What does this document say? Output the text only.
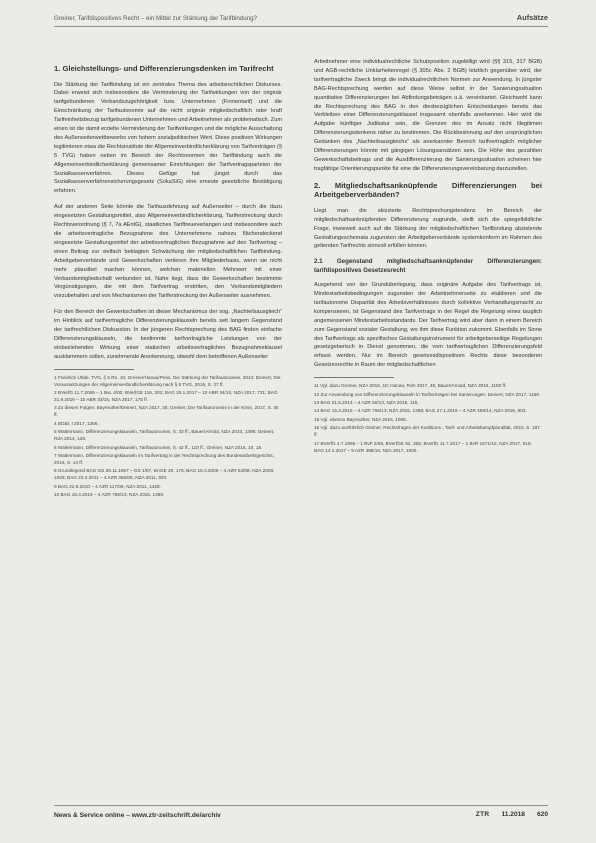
Greiner, Tarifdispositives Recht – ein Mittel zur Stärkung der Tarifbindung?	Aufsätze
1. Gleichstellungs- und Differenzierungsdenken im Tarifrecht

Die Stärkung der Tarifbindung ist ein zentrales Thema des arbeitsrechtlichen Diskurses. Dabei erweist sich insbesondere die Verminderung der Tarifwirkungen von der originär tarifgebundenen Verbandszugehörigkeit bzw. Unternehmen (Firmentarif) und die Einschränkung der Tarifautonomie auf die nicht originär mitgliedschaftlich oder kraft Tarifeinheitsbezug tarifgebundenen Unternehmen und Arbeitnehmer als problematisch. Zum einen ist die damit erzielte Verminderung der Tarifwirkungen und die mögliche Ausschaltung des Außenseiterwettbewerbs von hohem sozialpolitischen Wert. Diese positiven Wirkungen legitimieren etwa die Rechtsinstitute der Allgemeinverbindlicherklärung von Tarifverträgen (§ 5 TVG) haben neben im Bereich der Rechtsnormen der Tarifbindung auch die Allgemeinverbindlicherklärung gemeinsamer Einrichtungen der Tarifvertragsparteien der Sozialkassenverfahren. Dieses Gefüge hat jüngst durch das Sozialkassenverfahrensicherungsgesetz (SokaSiG) eine erneute gesetzliche Bestätigung erfahren.

Auf der anderen Seite könnte die Tarifausdehnung auf Außenseiter – durch die dazu eingesetzten Gestaltungsmittel, also Allgemeinverbindlicherklärung, Tariferstreckung durch Rechtsverordnung (§ 7, 7a AEntG), staatliches Tariftreueverlangen und insbesondere auch die arbeitsvertragliche Bezugnahme des Unternehmens nahezu flächendeckend eingesetzte Gestaltungsmittel der arbeitsvertraglichen Bezugnahme auf den Tarifvertrag – einen Beitrag zur vielfach beklagten Schwächung der mitgliedschaftlichen Tarifbindung. Arbeitgeberverbände und Gewerkschaften verlieren ihre Mitgliederbasis, wenn sie nicht mehr plausibel machen können, welchen materiellen Mehrwert mit einer Verbandsmitgliedschaft verbunden ist. Nahe liegt, dass die Gewerkschaften bestimmte Vergünstigungen, die mit dem Tarifvertrag erstritten, den Verbandsmitgliedern vorzubehalten und von Mechanismen der Tariferstreckung der Außenseiter ausnehmen.

Für den Bereich der Gewerkschaften ist dieser Mechanismus der sog. „Nachteilsausgleich“ im Hinblick auf tarifvertragliche Differenzierungsklauseln bereits seit langem Gegenstand der tarifrechtlichen Diskussion. In der jüngeren Rechtsprechung des BAG finden einfache Differenzierungsklauseln, die bestimmte tarifvertragliche Leistungen von der einbeziehenden Wirkung einer statischen arbeitsvertraglichen Bezugnahmeklausel ausklammern sollen, zunehmende Anerkennung, obwohl dem betroffenen Außenseiter

1 Friedrich Uhde, TVG, § 5 Rn. 10; Greiner/Hanau/Preis, Die Stärkung der Tarifautonomie, 2014; Deinert, Die Voraussetzungen der Allgemeinverbindlicherklärung nach § 5 TVG, 2016, S. 37 ff.
2 BVerfG 11.7.2006 – 1 BvL 4/00, BVerfGE 116, 202; BAG 25.1.2017 – 10 ABR 34/15, NZA 2017, 731; BAG 21.9.2016 – 10 ABR 33/15, NZA 2017, 175 ff.
3 Zu diesen Folgen: Bayreuther/Deinert, NZA 2017, 35; Greiner, Die Tarifautonomie in der Krise, 2017, S. 45 ff.
4 BGBl. I 2017, 1266.
5 Waltermann, Differenzierungsklauseln, Tarifautonomie, S. 33 ff.; Bauer/Arnold, NZA 2010, 1395; Deinert, RdA 2014, 129.
6 Waltermann, Differenzierungsklauseln, Tarifautonomie, S. 42 ff., 110 ff.; Greiner, NZA 2016, 10, 15.
7 Waltermann, Differenzierungsklauseln im Tarifvertrag in der Rechtsprechung des Bundesarbeitsgerichts, 2016, S. 14 ff.
8 Grundlegend BAG GS 29.11.1967 – GS 1/67, BAGE 20, 175; BAG 18.3.2009 – 4 AZR 64/08, NZA 2009, 1028; BAG 23.3.2011 – 4 AZR 366/09, NZA 2011, 920.
9 BAG 22.9.2010 – 4 AZR 117/09, NZA 2011, 1428.
10 BAG 15.4.2015 – 4 AZR 796/13, NZA 2015, 1388.

Arbeitnehmer eine individualrechtliche Schutzposition zugebilligt wird (§§ 315, 317 BGB) und AGB-rechtliche Unklarheitenregel (§ 305c Abs. 2 BGB) letztlich gegenüber wird, der tarifvertragliche Zweck bringt die individualrechtlichen Normen zur Anwendung. In jüngster BAG-Rechtsprechung werden auf diese Weise selbst in der Sanierungssituation quantitative Differenzierungen bei Abfindungsbeträgen u.ä. vereinbartet. Gleichwohl kann die Rechtsprechung des BAG in den diesbezüglichen Entscheidungen bereits das Verbleiben einer Differenzierungsklausel insgesamt ebenfalls anerkennen. Hier wird die Aufgabe künftiger Judikatur sein, die Grenzen des im Ansatz nicht illegitimen Differenzierungsdenkens näher zu bestimmen. Die Rückbesinnung auf den ursprünglichen Gedanken des „Nachteilsausgleichs“ als anerkannter Bereich tarifvertraglich möglicher Differenzierungen könnte mit gängigen Lösungsansätzen sein. Die Höhe des gezahlten Gewerkschaftsbeitrags und die Ausdifferenzierung der Sanierungssituation scheinen hier tragfähige Orientierungspunkte für eine die Differenzierungsvereinbarung darzustellen.

2. Mitgliedschaftsanknüpfende Differenzierungen bei Arbeitgeberverbänden?

Liegt man die skizzierte Rechtsprechungstendenz im Bereich der mitgliedschaftsanknüpfenden Differenzierung zugrunde, stellt sich die spiegelbildliche Frage, inwieweit auch auf die Stärkung der mitgliedschaftlichen Tarifbindung abzielende Gestaltungsschemata zugunsten der Arbeitgeberverbände systemkonform im Rahmen des geltenden Tarifrechts sinnvoll erfüllen können.

2.1 Gegenstand mitgliedschaftsanknüpfender Differenzierungen: tarifdispositives Gesetzesrecht

Ausgehend von der Grundüberlegung, dass originäre Aufgabe des Tarifvertrags ist, Mindestarbeitsbedingungen zugunsten der Arbeitnehmerseite zu etablieren und die tarifautonome Disparität des Arbeitsverhältnisses durch kollektive Verhandlungsmacht zu kompensieren, ist Gegenstand des Tarifvertrags in der Regel die Regelung eines tauglich angemessenen Mindestarbeitsstandards. Der Tarifvertrag wird aber dann in einem Bereich zum Gegenstand sozialer Gestaltung, wo ihm diese Funktion zukommt. Ebenfalls im Sinne des Tarifvertrags als spezifisches Gestaltungsinstrument für arbeitgeberseitige Regelungen gesetzgeberisch in Dienst genommen, die vom tarifvertraglichen Differenzierungsfeld erfasst werden. Nur im Bereich gesetzesdispositiven Rechts diese besonderen Gesetzesrechte in Raum der mitgliedschaftlichen

11 Vgl. dazu Greiner, NZA 2016, 10; Hanau, RdA 2017, 45; Bauer/Arnold, NZA 2016, 1150 ff.
12 Zur Anwendung von Differenzierungsklauseln in Tarifverträgen bei Sanierungen: Deinert, NZA 2017, 1168.
13 BAG 21.5.2014 – 4 AZR 50/13, NZA 2015, 115.
14 BAG 15.4.2015 – 4 AZR 796/13, NZA 2015, 1388; BAG 27.1.2016 – 4 AZR 468/14, NZA 2016, 903.
15 Vgl. ebenso Bayreuther, NZA 2016, 1006.
16 Vgl. dazu ausführlich Greiner, Rechtsfragen der Koalitions-, Tarif- und Arbeitskampfpluralität, 2010, S. 187 ff.
17 BVerfG 4.7.1995 – 1 BvF 2/86, BVerfGE 92, 365; BVerfG 11.7.2017 – 1 BvR 1571/15, NZA 2017, 915; BAG 14.2.2017 – 9 AZR 488/16, NZA 2017, 1000.
News & Service online – www.ztr-zeitschrift.de/archiv	ZTR 11.2018 620
